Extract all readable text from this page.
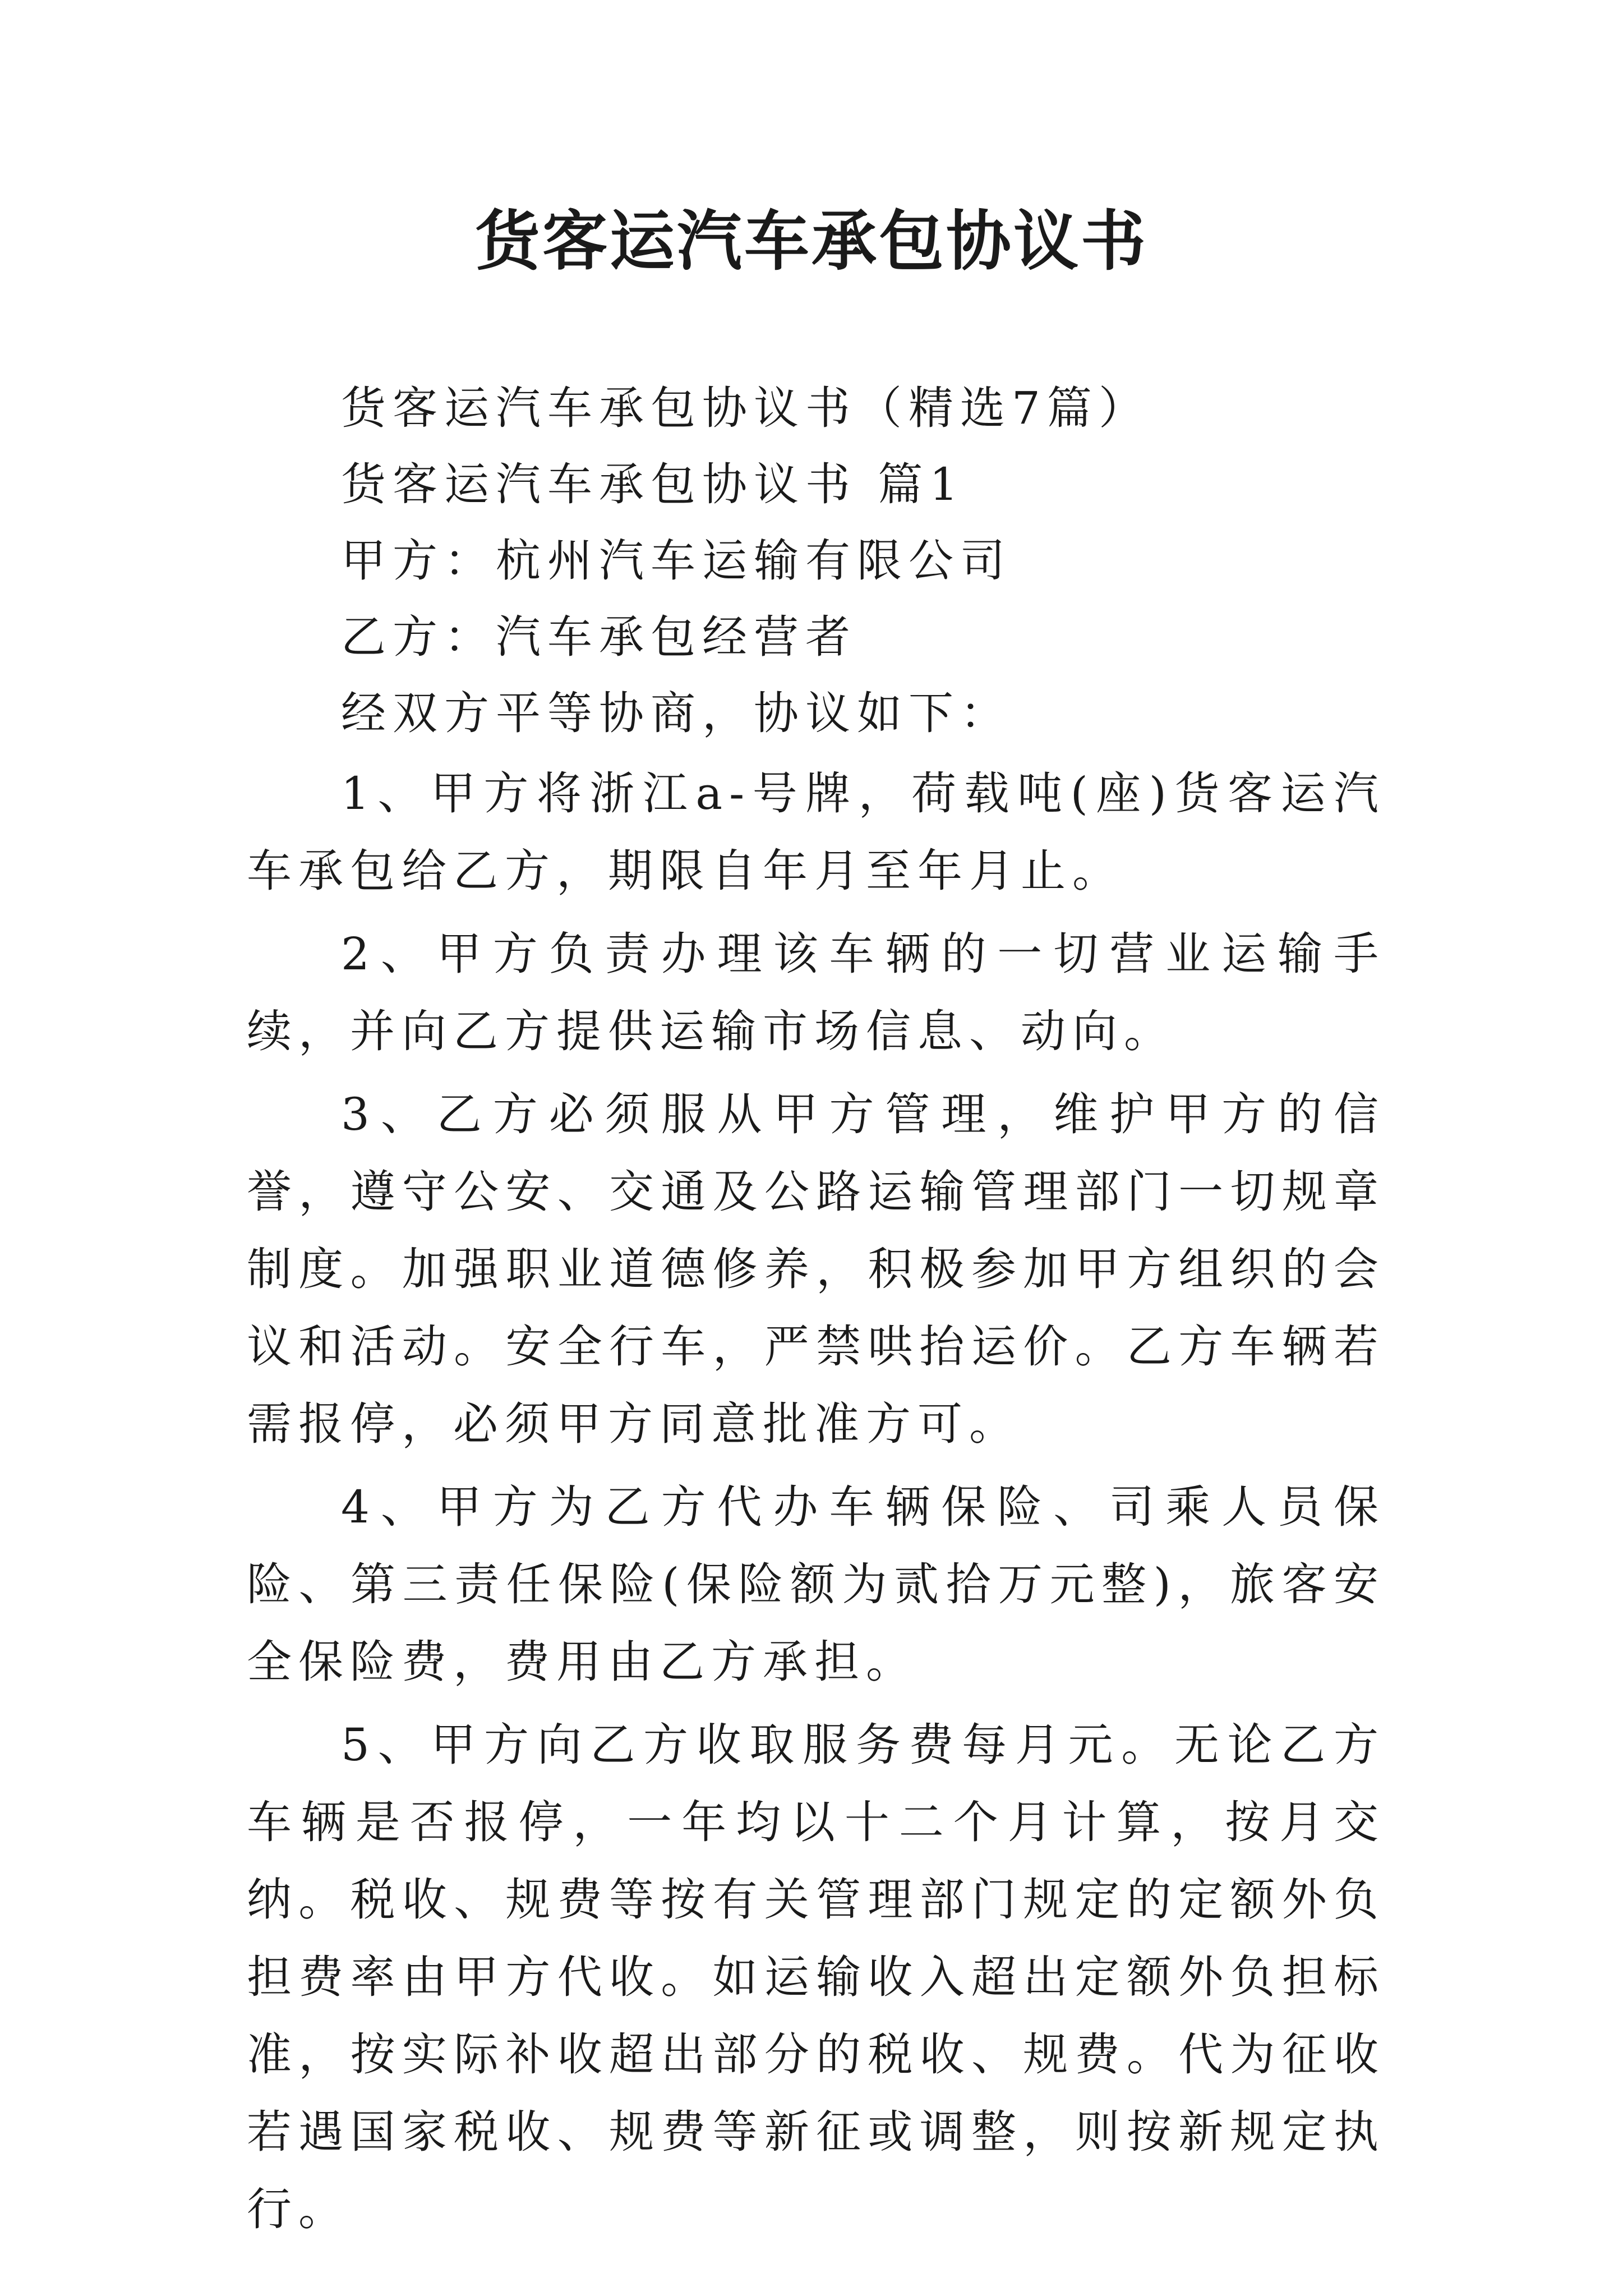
货客运汽车承包协议书

货客运汽车承包协议书（精选7篇）

货客运汽车承包协议书 篇1

甲方：杭州汽车运输有限公司

乙方：汽车承包经营者

经双方平等协商，协议如下：

1、甲方将浙江a-号牌，荷载吨(座)货客运汽车承包给乙方，期限自年月至年月止。

2、甲方负责办理该车辆的一切营业运输手续，并向乙方提供运输市场信息、动向。

3、乙方必须服从甲方管理，维护甲方的信誉，遵守公安、交通及公路运输管理部门一切规章制度。加强职业道德修养，积极参加甲方组织的会议和活动。安全行车，严禁哄抬运价。乙方车辆若需报停，必须甲方同意批准方可。

4、甲方为乙方代办车辆保险、司乘人员保险、第三责任保险(保险额为贰拾万元整)，旅客安全保险费，费用由乙方承担。

5、甲方向乙方收取服务费每月元。无论乙方车辆是否报停，一年均以十二个月计算，按月交纳。税收、规费等按有关管理部门规定的定额外负担费率由甲方代收。如运输收入超出定额外负担标准，按实际补收超出部分的税收、规费。代为征收若遇国家税收、规费等新征或调整，则按新规定执行。
